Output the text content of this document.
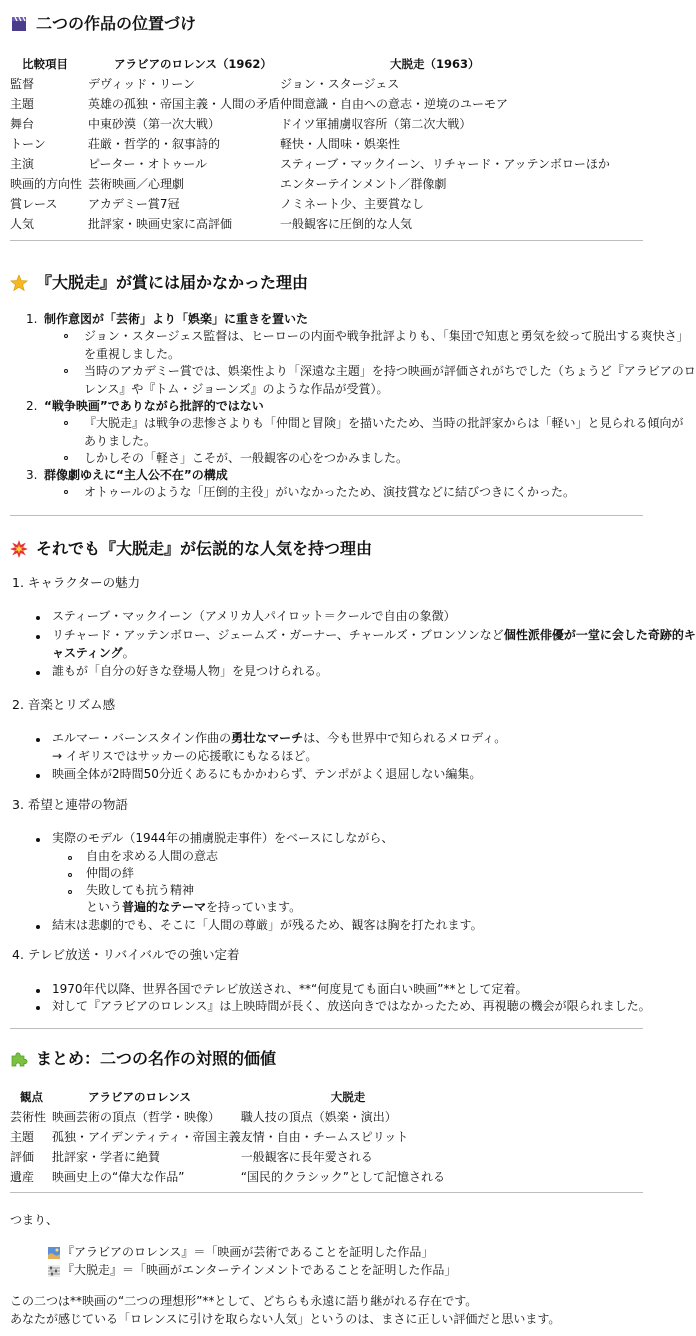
二つの作品の位置づけ
比較項目	アラビアのロレンス（1962）	大脱走（1963）
監督	デヴィッド・リーン	ジョン・スタージェス
主題	英雄の孤独・帝国主義・人間の矛盾	仲間意識・自由への意志・逆境のユーモア
舞台	中東砂漠（第一次大戦）	ドイツ軍捕虜収容所（第二次大戦）
トーン	荘厳・哲学的・叙事詩的	軽快・人間味・娯楽性
主演	ピーター・オトゥール	スティーブ・マックイーン、リチャード・アッテンボローほか
映画的方向性	芸術映画／心理劇	エンターテインメント／群像劇
賞レース	アカデミー賞7冠	ノミネート少、主要賞なし
人気	批評家・映画史家に高評価	一般観客に圧倒的な人気
『大脱走』が賞には届かなかった理由
1. 制作意図が「芸術」より「娯楽」に重きを置いた
ジョン・スタージェス監督は、ヒーローの内面や戦争批評よりも、「集団で知恵と勇気を絞って脱出する爽快さ」
を重視しました。
当時のアカデミー賞では、娯楽性より「深遠な主題」を持つ映画が評価されがちでした（ちょうど『アラビアのロ
レンス』や『トム・ジョーンズ』のような作品が受賞）。
2. “戦争映画”でありながら批評的ではない
『大脱走』は戦争の悲惨さよりも「仲間と冒険」を描いたため、当時の批評家からは「軽い」と見られる傾向が
ありました。
しかしその「軽さ」こそが、一般観客の心をつかみました。
3. 群像劇ゆえに“主人公不在”の構成
オトゥールのような「圧倒的主役」がいなかったため、演技賞などに結びつきにくかった。
それでも『大脱走』が伝説的な人気を持つ理由
1. キャラクターの魅力
スティーブ・マックイーン（アメリカ人パイロット＝クールで自由の象徴）
リチャード・アッテンボロー、ジェームズ・ガーナー、チャールズ・ブロンソンなど個性派俳優が一堂に会した奇跡的キ
ャスティング。
誰もが「自分の好きな登場人物」を見つけられる。
2. 音楽とリズム感
エルマー・バーンスタイン作曲の勇壮なマーチは、今も世界中で知られるメロディ。
→ イギリスではサッカーの応援歌にもなるほど。
映画全体が2時間50分近くあるにもかかわらず、テンポがよく退屈しない編集。
3. 希望と連帯の物語
実際のモデル（1944年の捕虜脱走事件）をベースにしながら、
自由を求める人間の意志
仲間の絆
失敗しても抗う精神
という普遍的なテーマを持っています。
結末は悲劇的でも、そこに「人間の尊厳」が残るため、観客は胸を打たれます。
4. テレビ放送・リバイバルでの強い定着
1970年代以降、世界各国でテレビ放送され、**“何度見ても面白い映画”**として定着。
対して『アラビアのロレンス』は上映時間が長く、放送向きではなかったため、再視聴の機会が限られました。
まとめ：二つの名作の対照的価値
観点	アラビアのロレンス	大脱走
芸術性	映画芸術の頂点（哲学・映像）	職人技の頂点（娯楽・演出）
主題	孤独・アイデンティティ・帝国主義	友情・自由・チームスピリット
評価	批評家・学者に絶賛	一般観客に長年愛される
遺産	映画史上の“偉大な作品”	“国民的クラシック”として記憶される
つまり、
『アラビアのロレンス』＝「映画が芸術であることを証明した作品」
『大脱走』＝「映画がエンターテインメントであることを証明した作品」
この二つは**映画の“二つの理想形”**として、どちらも永遠に語り継がれる存在です。
あなたが感じている「ロレンスに引けを取らない人気」というのは、まさに正しい評価だと思います。
